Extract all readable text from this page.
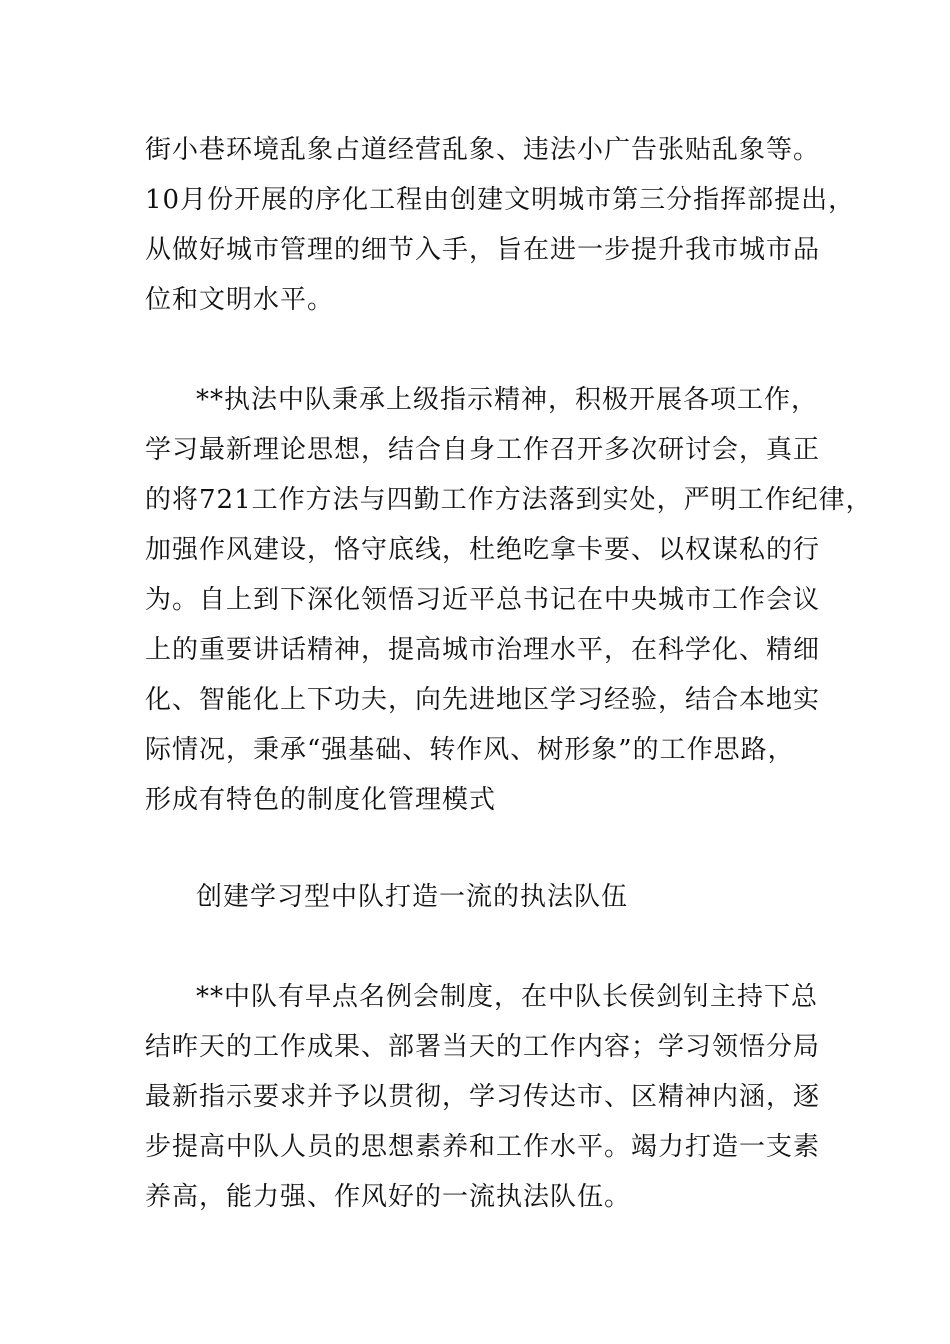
街小巷环境乱象占道经营乱象、违法小广告张贴乱象等。
10月份开展的序化工程由创建文明城市第三分指挥部提出，
从做好城市管理的细节入手，旨在进一步提升我市城市品
位和文明水平。
**执法中队秉承上级指示精神，积极开展各项工作，
学习最新理论思想，结合自身工作召开多次研讨会，真正
的将721工作方法与四勤工作方法落到实处，严明工作纪律，
加强作风建设，恪守底线，杜绝吃拿卡要、以权谋私的行
为。自上到下深化领悟习近平总书记在中央城市工作会议
上的重要讲话精神，提高城市治理水平，在科学化、精细
化、智能化上下功夫，向先进地区学习经验，结合本地实
际情况，秉承“强基础、转作风、树形象”的工作思路，
形成有特色的制度化管理模式
创建学习型中队打造一流的执法队伍
**中队有早点名例会制度，在中队长侯剑钊主持下总
结昨天的工作成果、部署当天的工作内容；学习领悟分局
最新指示要求并予以贯彻，学习传达市、区精神内涵，逐
步提高中队人员的思想素养和工作水平。竭力打造一支素
养高，能力强、作风好的一流执法队伍。
